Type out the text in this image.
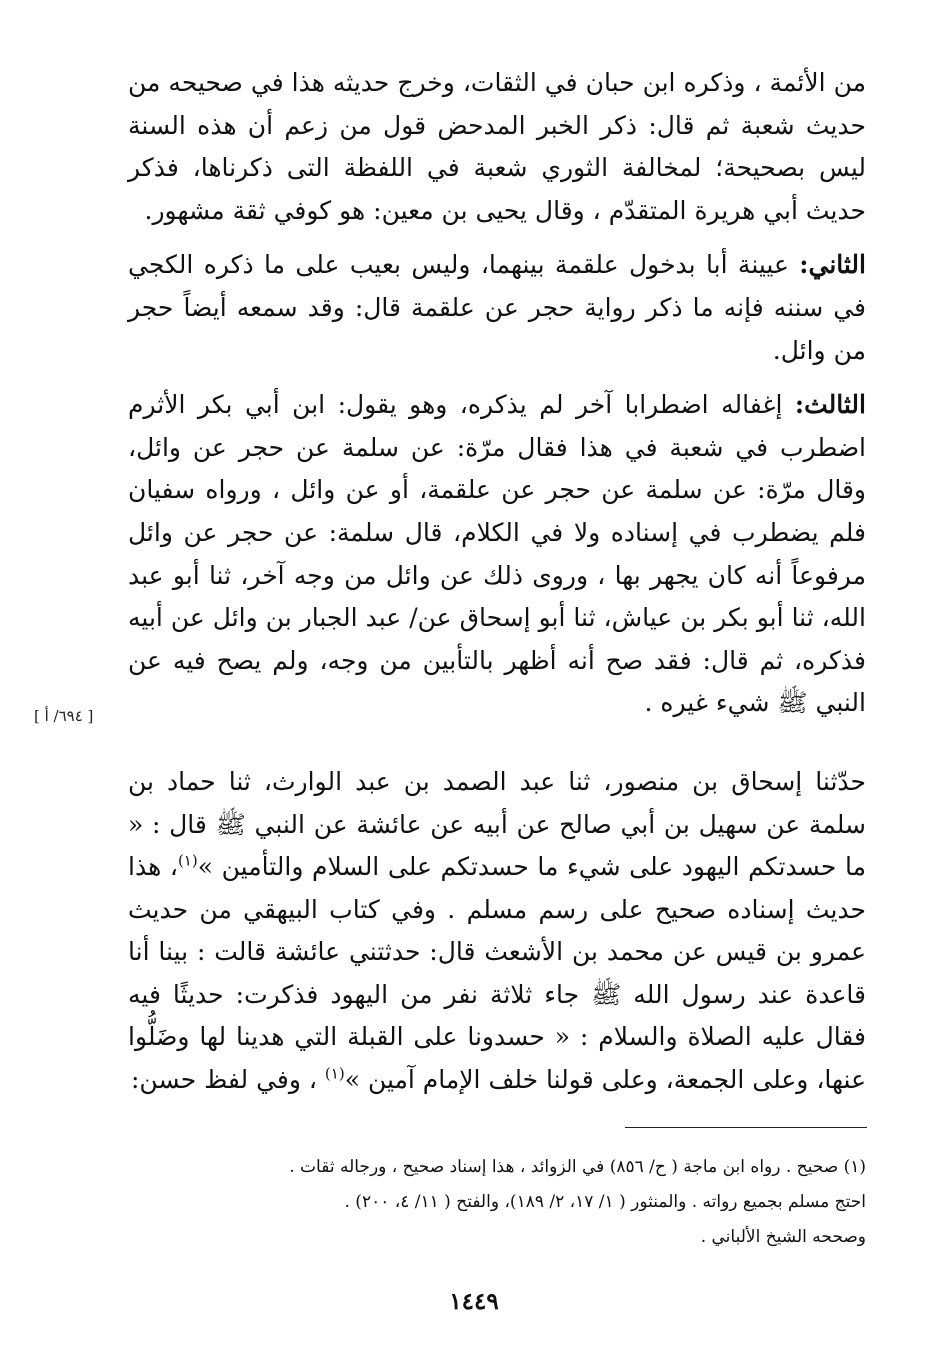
من الأئمة ، وذكره ابن حبان في الثقات، وخرج حديثه هذا في صحيحه من حديث شعبة ثم قال: ذكر الخبر المدحض قول من زعم أن هذه السنة ليس بصحيحة؛ لمخالفة الثوري شعبة في اللفظة التى ذكرناها، فذكر حديث أبي هريرة المتقدّم ، وقال يحيى بن معين: هو كوفي ثقة مشهور.

الثاني: عيينة أبا بدخول علقمة بينهما، وليس بعيب على ما ذكره الكجي في سننه فإنه ما ذكر رواية حجر عن علقمة قال: وقد سمعه أيضاً حجر من وائل.

الثالث: إغفاله اضطرابا آخر لم يذكره، وهو يقول: ابن أبي بكر الأثرم اضطرب في شعبة في هذا فقال مرّة: عن سلمة عن حجر عن وائل، وقال مرّة: عن سلمة عن حجر عن علقمة، أو عن وائل ، ورواه سفيان فلم يضطرب في إسناده ولا في الكلام، قال سلمة: عن حجر عن وائل مرفوعاً أنه كان يجهر بها ، وروى ذلك عن وائل من وجه آخر، ثنا أبو عبد الله، ثنا أبو بكر بن عياش، ثنا أبو إسحاق عن/ عبد الجبار بن وائل عن أبيه فذكره، ثم قال: فقد صح أنه أظهر بالتأبين من وجه، ولم يصح فيه عن النبي ﷺ شيء غيره .

حدّثنا إسحاق بن منصور، ثنا عبد الصمد بن عبد الوارث، ثنا حماد بن سلمة عن سهيل بن أبي صالح عن أبيه عن عائشة عن النبي ﷺ قال : « ما حسدتكم اليهود على شيء ما حسدتكم على السلام والتأمين »$^{(١)}$، هذا حديث إسناده صحيح على رسم مسلم . وفي كتاب البيهقي من حديث عمرو بن قيس عن محمد بن الأشعث قال: حدثتني عائشة قالت : بينا أنا قاعدة عند رسول الله ﷺ جاء ثلاثة نفر من اليهود فذكرت: حديثًا فيه فقال عليه الصلاة والسلام : « حسدونا على القبلة التي هدينا لها وضَلُّوا عنها، وعلى الجمعة، وعلى قولنا خلف الإمام آمين »$^{(١)}$ ، وفي لفظ حسن:

[ ٦٩٤/ أ ]

(١) صحيح . رواه ابن ماجة ( ح/ ٨٥٦) في الزوائد ، هذا إسناد صحيح ، ورجاله ثقات .

احتج مسلم بجميع رواته . والمنثور ( ١/ ١٧، ٢/ ١٨٩)، والفتح ( ١١/ ٤، ٢٠٠) .

وصححه الشيخ الألباني .

١٤٤٩
